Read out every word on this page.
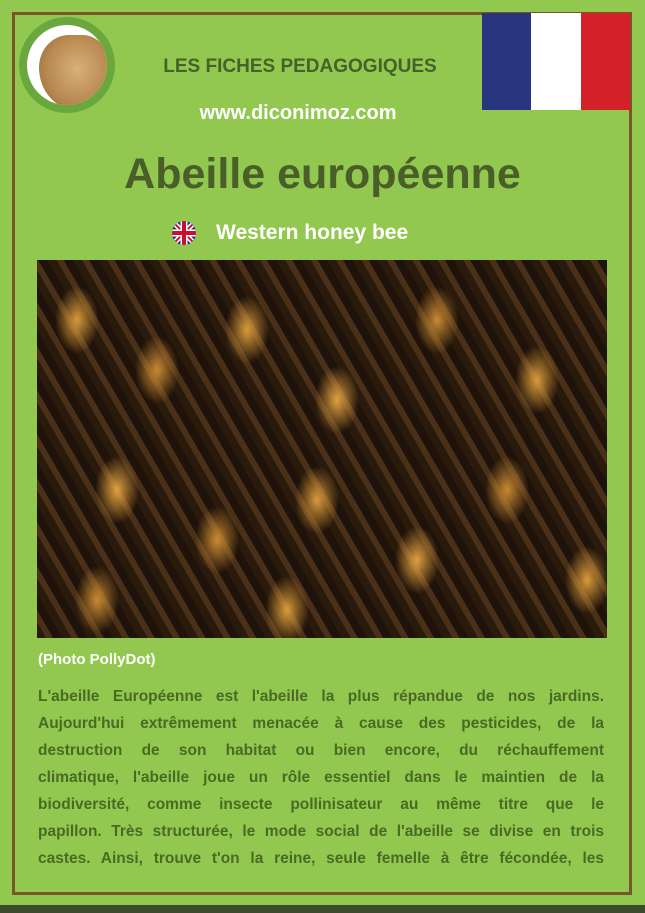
LES FICHES PEDAGOGIQUES
www.diconimoz.com
Abeille européenne
Western honey bee
(Photo PollyDot)
L'abeille Européenne est l'abeille la plus répandue de nos jardins.
Aujourd'hui extrêmement menacée à cause des pesticides, de la
destruction de son habitat ou bien encore, du réchauffement
climatique, l'abeille joue un rôle essentiel dans le maintien de la
biodiversité, comme insecte pollinisateur au même titre que le
papillon. Très structurée, le mode social de l'abeille se divise en trois
castes. Ainsi, trouve t'on la reine, seule femelle à être fécondée, les
